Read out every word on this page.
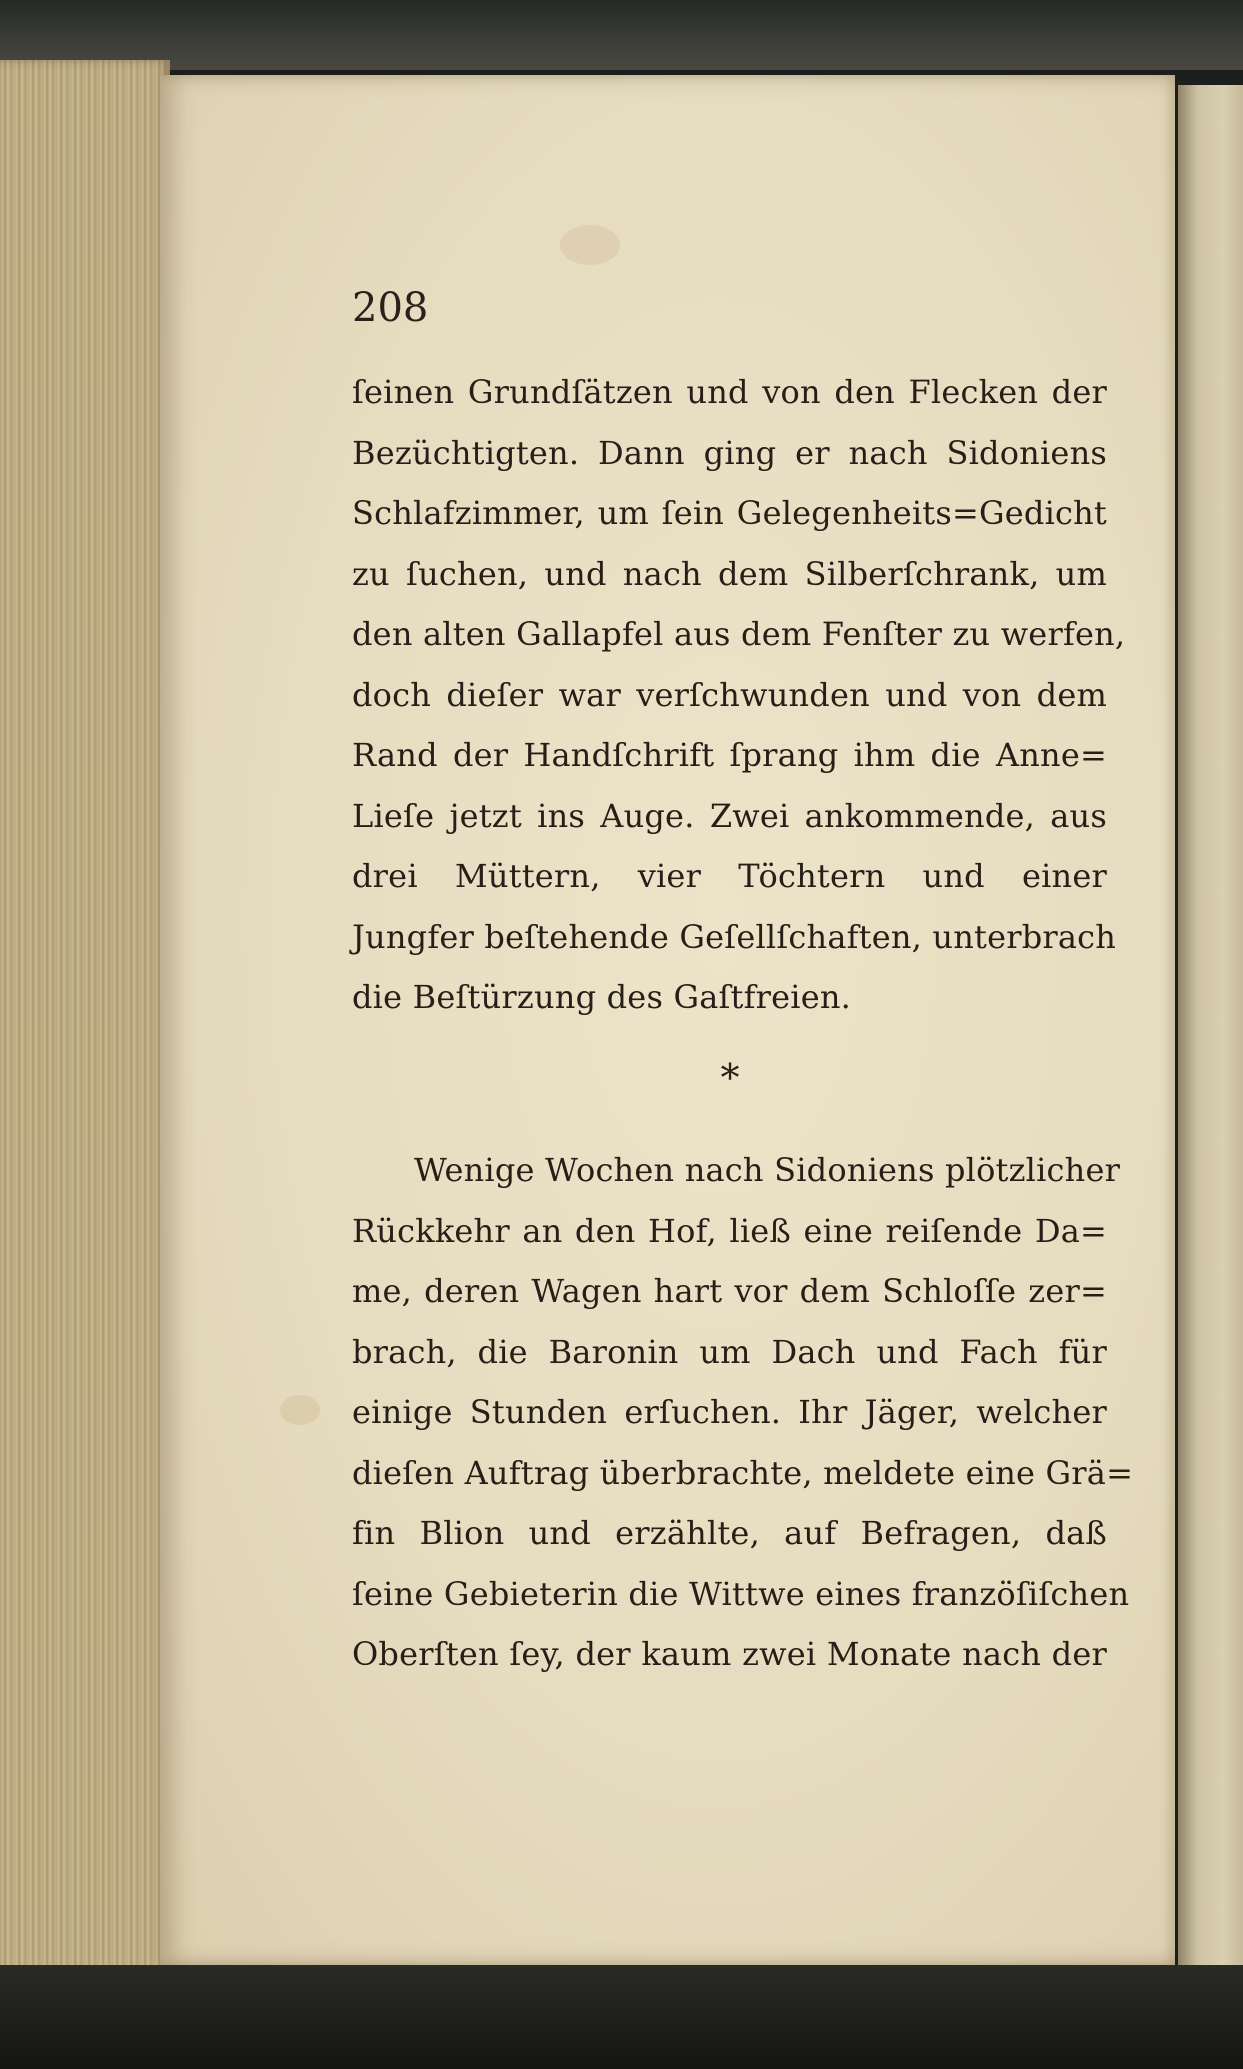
208

ſeinen Grundſätzen und von den Flecken der
Bezüchtigten. Dann ging er nach Sidoniens
Schlafzimmer, um ſein Gelegenheits=Gedicht
zu ſuchen, und nach dem Silberſchrank, um
den alten Gallapfel aus dem Fenſter zu werfen,
doch dieſer war verſchwunden und von dem
Rand der Handſchrift ſprang ihm die Anne=
Lieſe jetzt ins Auge. Zwei ankommende, aus
drei Müttern, vier Töchtern und einer
Jungfer beſtehende Geſellſchaften, unterbrach
die Beſtürzung des Gaſtfreien.
∗
Wenige Wochen nach Sidoniens plötzlicher
Rückkehr an den Hof, ließ eine reiſende Da=
me, deren Wagen hart vor dem Schloſſe zer=
brach, die Baronin um Dach und Fach für
einige Stunden erſuchen. Ihr Jäger, welcher
dieſen Auftrag überbrachte, meldete eine Grä=
fin Blion und erzählte, auf Befragen, daß
ſeine Gebieterin die Wittwe eines franzöſiſchen
Oberſten ſey, der kaum zwei Monate nach der
